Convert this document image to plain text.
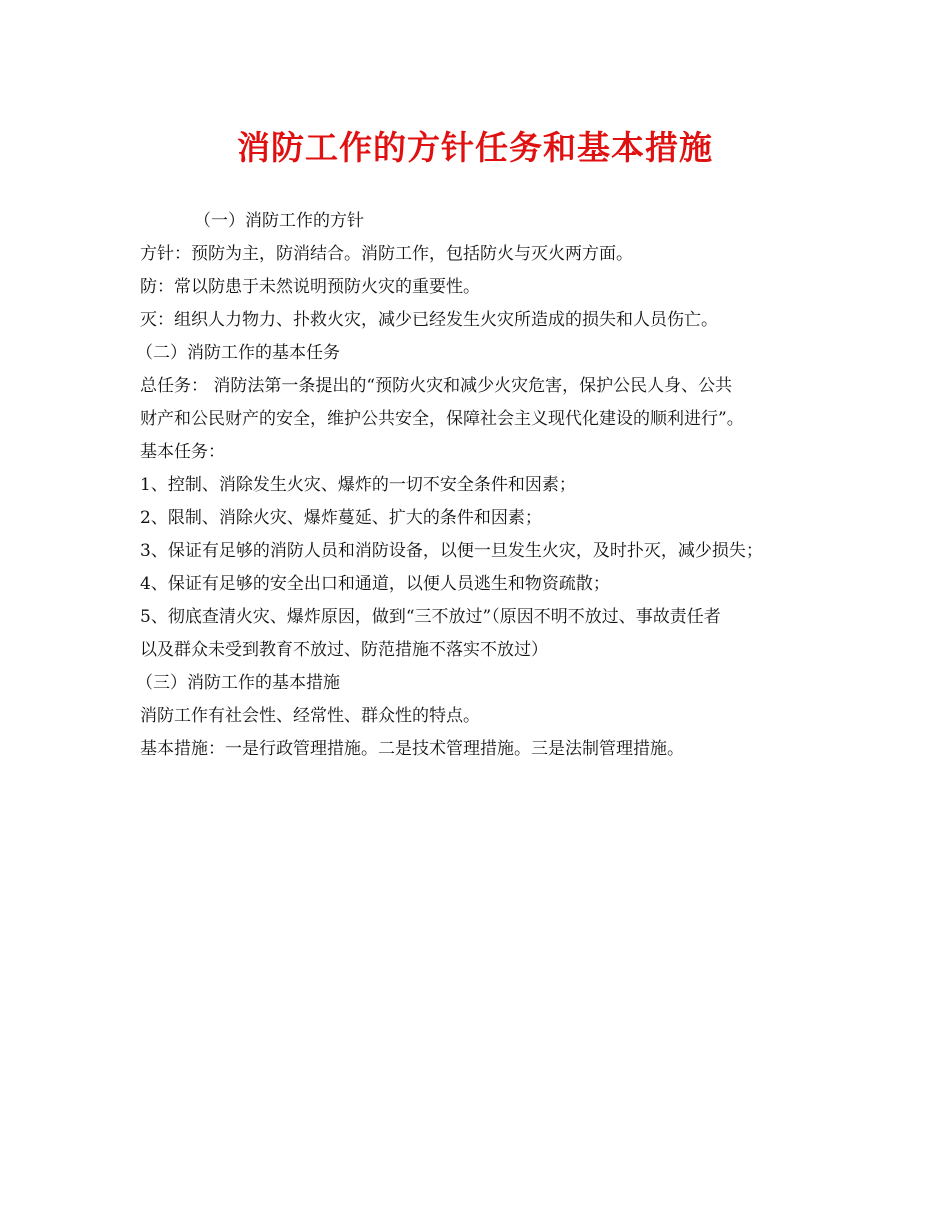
消防工作的方针任务和基本措施
（一）消防工作的方针
方针：预防为主，防消结合。消防工作，包括防火与灭火两方面。
防：常以防患于未然说明预防火灾的重要性。
灭：组织人力物力、扑救火灾，减少已经发生火灾所造成的损失和人员伤亡。
（二）消防工作的基本任务
总任务： 消防法第一条提出的“预防火灾和减少火灾危害，保护公民人身、公共
财产和公民财产的安全，维护公共安全，保障社会主义现代化建设的顺利进行”。
基本任务：
1、控制、消除发生火灾、爆炸的一切不安全条件和因素；
2、限制、消除火灾、爆炸蔓延、扩大的条件和因素；
3、保证有足够的消防人员和消防设备，以便一旦发生火灾，及时扑灭，减少损失；
4、保证有足够的安全出口和通道，以便人员逃生和物资疏散；
5、彻底查清火灾、爆炸原因，做到“三不放过”（原因不明不放过、事故责任者
以及群众未受到教育不放过、防范措施不落实不放过）
（三）消防工作的基本措施
消防工作有社会性、经常性、群众性的特点。
基本措施：一是行政管理措施。二是技术管理措施。三是法制管理措施。
